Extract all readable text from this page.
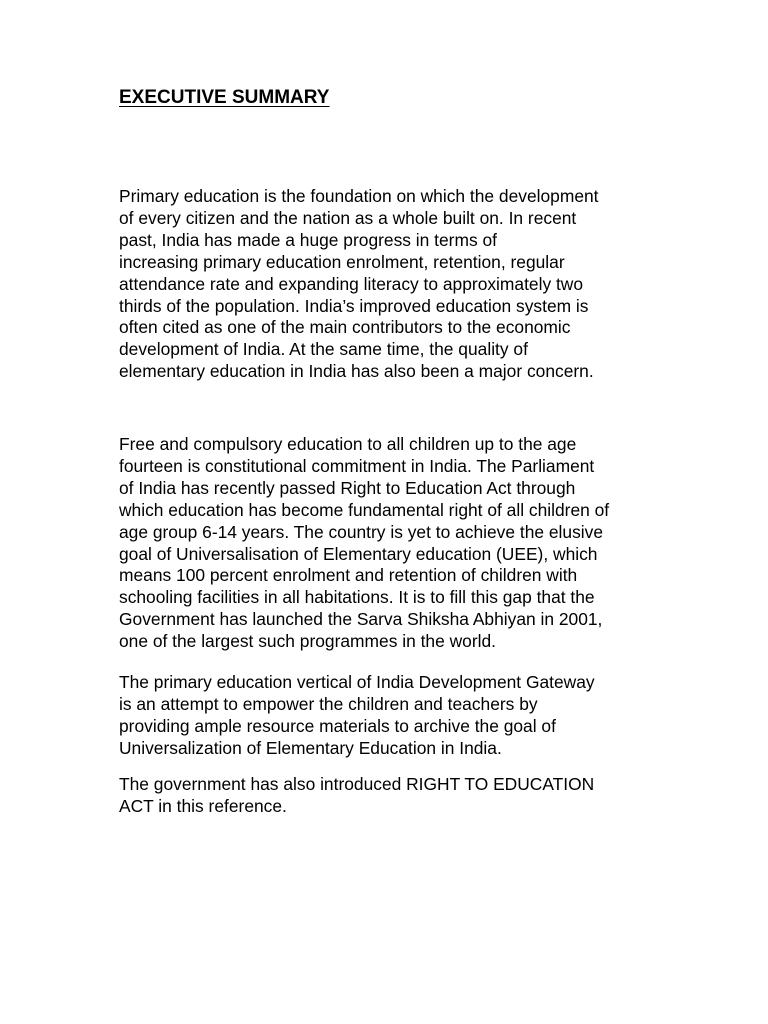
EXECUTIVE SUMMARY

Primary education is the foundation on which the development
of every citizen and the nation as a whole built on. In recent
past, India has made a huge progress in terms of
increasing primary education enrolment, retention, regular
attendance rate and expanding literacy to approximately two
thirds of the population. India’s improved education system is
often cited as one of the main contributors to the economic
development of India. At the same time, the quality of
elementary education in India has also been a major concern.

Free and compulsory education to all children up to the age
fourteen is constitutional commitment in India. The Parliament
of India has recently passed Right to Education Act through
which education has become fundamental right of all children of
age group 6-14 years. The country is yet to achieve the elusive
goal of Universalisation of Elementary education (UEE), which
means 100 percent enrolment and retention of children with
schooling facilities in all habitations. It is to fill this gap that the
Government has launched the Sarva Shiksha Abhiyan in 2001,
one of the largest such programmes in the world.

The primary education vertical of India Development Gateway
is an attempt to empower the children and teachers by
providing ample resource materials to archive the goal of
Universalization of Elementary Education in India.

The government has also introduced RIGHT TO EDUCATION
ACT in this reference.
